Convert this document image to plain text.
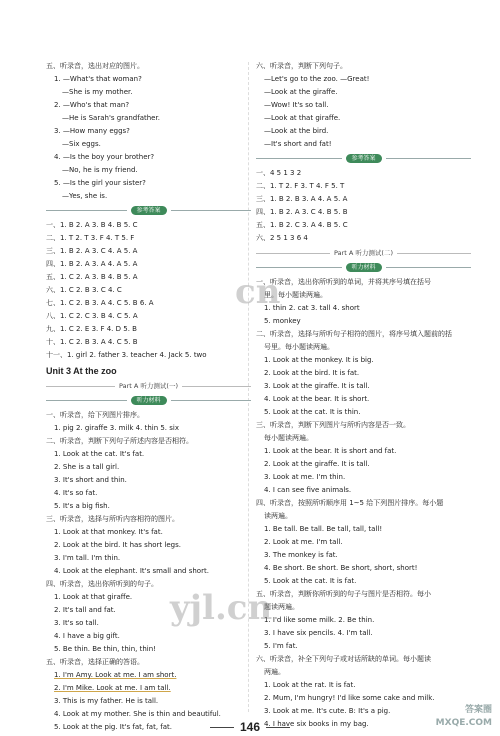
五、听录音，选出对应的图片。
1. —What's that woman?
—She is my mother.
2. —Who's that man?
—He is Sarah's grandfather.
3. —How many eggs?
—Six eggs.
4. —Is the boy your brother?
—No, he is my friend.
5. —Is the girl your sister?
—Yes, she is.
参考答案
一、1. B 2. A 3. B 4. B 5. C
二、1. T 2. T 3. F 4. T 5. F
三、1. B 2. A 3. C 4. A 5. A
四、1. B 2. A 3. A 4. A 5. A
五、1. C 2. A 3. B 4. B 5. A
六、1. C 2. B 3. C 4. C
七、1. C 2. B 3. A 4. C 5. B 6. A
八、1. C 2. C 3. B 4. C 5. A
九、1. C 2. E 3. F 4. D 5. B
十、1. C 2. B 3. A 4. C 5. B
十一、1. girl 2. father 3. teacher 4. Jack 5. two
Unit 3 At the zoo
Part A 听力测试(一)
听力材料
一、听录音，给下列图片排序。
1. pig 2. giraffe 3. milk 4. thin 5. six
二、听录音，判断下列句子所述内容是否相符。
1. Look at the cat. It's fat.
2. She is a tall girl.
3. It's short and thin.
4. It's so fat.
5. It's a big fish.
三、听录音，选择与所听内容相符的图片。
1. Look at that monkey. It's fat.
2. Look at the bird. It has short legs.
3. I'm tall. I'm thin.
4. Look at the elephant. It's small and short.
四、听录音，选出你所听到的句子。
1. Look at that giraffe.
2. It's tall and fat.
3. It's so tall.
4. I have a big gift.
5. Be thin. Be thin, thin, thin!
五、听录音，选择正确的答语。
1. I'm Amy. Look at me. I am short.
2. I'm Mike. Look at me. I am tall.
3. This is my father. He is tall.
4. Look at my mother. She is thin and beautiful.
5. Look at the pig. It's fat, fat, fat.
六、听录音，判断下列句子。
—Let's go to the zoo. —Great!
—Look at the giraffe.
—Wow! It's so tall.
—Look at that giraffe.
—Look at the bird.
—It's short and fat!
参考答案
一、4 5 1 3 2
二、1. T 2. F 3. T 4. F 5. T
三、1. B 2. B 3. A 4. A 5. A
四、1. B 2. A 3. C 4. B 5. B
五、1. B 2. C 3. A 4. B 5. C
六、2 5 1 3 6 4
Part A 听力测试(二)
听力材料
一、听录音，选出你所听到的单词，并将其序号填在括号
里。每小题读两遍。
1. thin 2. cat 3. tall 4. short
5. monkey
二、听录音，选择与所听句子相符的图片，将序号填入题前的括
号里。每小题读两遍。
1. Look at the monkey. It is big.
2. Look at the bird. It is fat.
3. Look at the giraffe. It is tall.
4. Look at the bear. It is short.
5. Look at the cat. It is thin.
三、听录音，判断下列图片与所听内容是否一致。
每小题读两遍。
1. Look at the bear. It is short and fat.
2. Look at the giraffe. It is tall.
3. Look at me. I'm thin.
4. I can see five animals.
四、听录音，按照所听顺序用 1~5 给下列图片排序。每小题
读两遍。
1. Be tall. Be tall. Be tall, tall, tall!
2. Look at me. I'm tall.
3. The monkey is fat.
4. Be short. Be short. Be short, short, short!
5. Look at the cat. It is fat.
五、听录音，判断你所听到的句子与图片是否相符。每小
题读两遍。
1. I'd like some milk. 2. Be thin.
3. I have six pencils. 4. I'm tall.
5. I'm fat.
六、听录音，补全下列句子或对话所缺的单词。每小题读
两遍。
1. Look at the rat. It is fat.
2. Mum, I'm hungry! I'd like some cake and milk.
3. Look at me. It's cute. B: It's a pig.
4. I have six books in my bag.
cn
yjl.cn
146
答案圈
MXQE.COM
